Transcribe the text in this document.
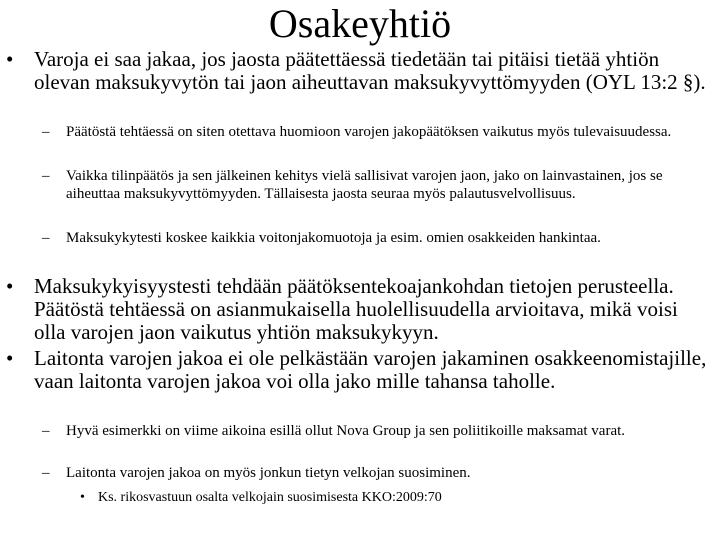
Osakeyhtiö
• Varoja ei saa jakaa, jos jaosta päätettäessä tiedetään tai pitäisi tietää yhtiön olevan maksukyvytön tai jaon aiheuttavan maksukyvyttömyyden (OYL 13:2 §).
– Päätöstä tehtäessä on siten otettava huomioon varojen jakopäätöksen vaikutus myös tulevaisuudessa.
– Vaikka tilinpäätös ja sen jälkeinen kehitys vielä sallisivat varojen jaon, jako on lainvastainen, jos se aiheuttaa maksukyvyttömyyden. Tällaisesta jaosta seuraa myös palautusvelvollisuus.
– Maksukykytesti koskee kaikkia voitonjakomuotoja ja esim. omien osakkeiden hankintaa.
• Maksukykyisyystesti tehdään päätöksentekoajankohdan tietojen perusteella. Päätöstä tehtäessä on asianmukaisella huolellisuudella arvioitava, mikä voisi olla varojen jaon vaikutus yhtiön maksukykyyn.
• Laitonta varojen jakoa ei ole pelkästään varojen jakaminen osakkeenomistajille, vaan laitonta varojen jakoa voi olla jako mille tahansa taholle.
– Hyvä esimerkki on viime aikoina esillä ollut Nova Group ja sen poliitikoille maksamat varat.
– Laitonta varojen jakoa on myös jonkun tietyn velkojan suosiminen.
• Ks. rikosvastuun osalta velkojain suosimisesta KKO:2009:70
